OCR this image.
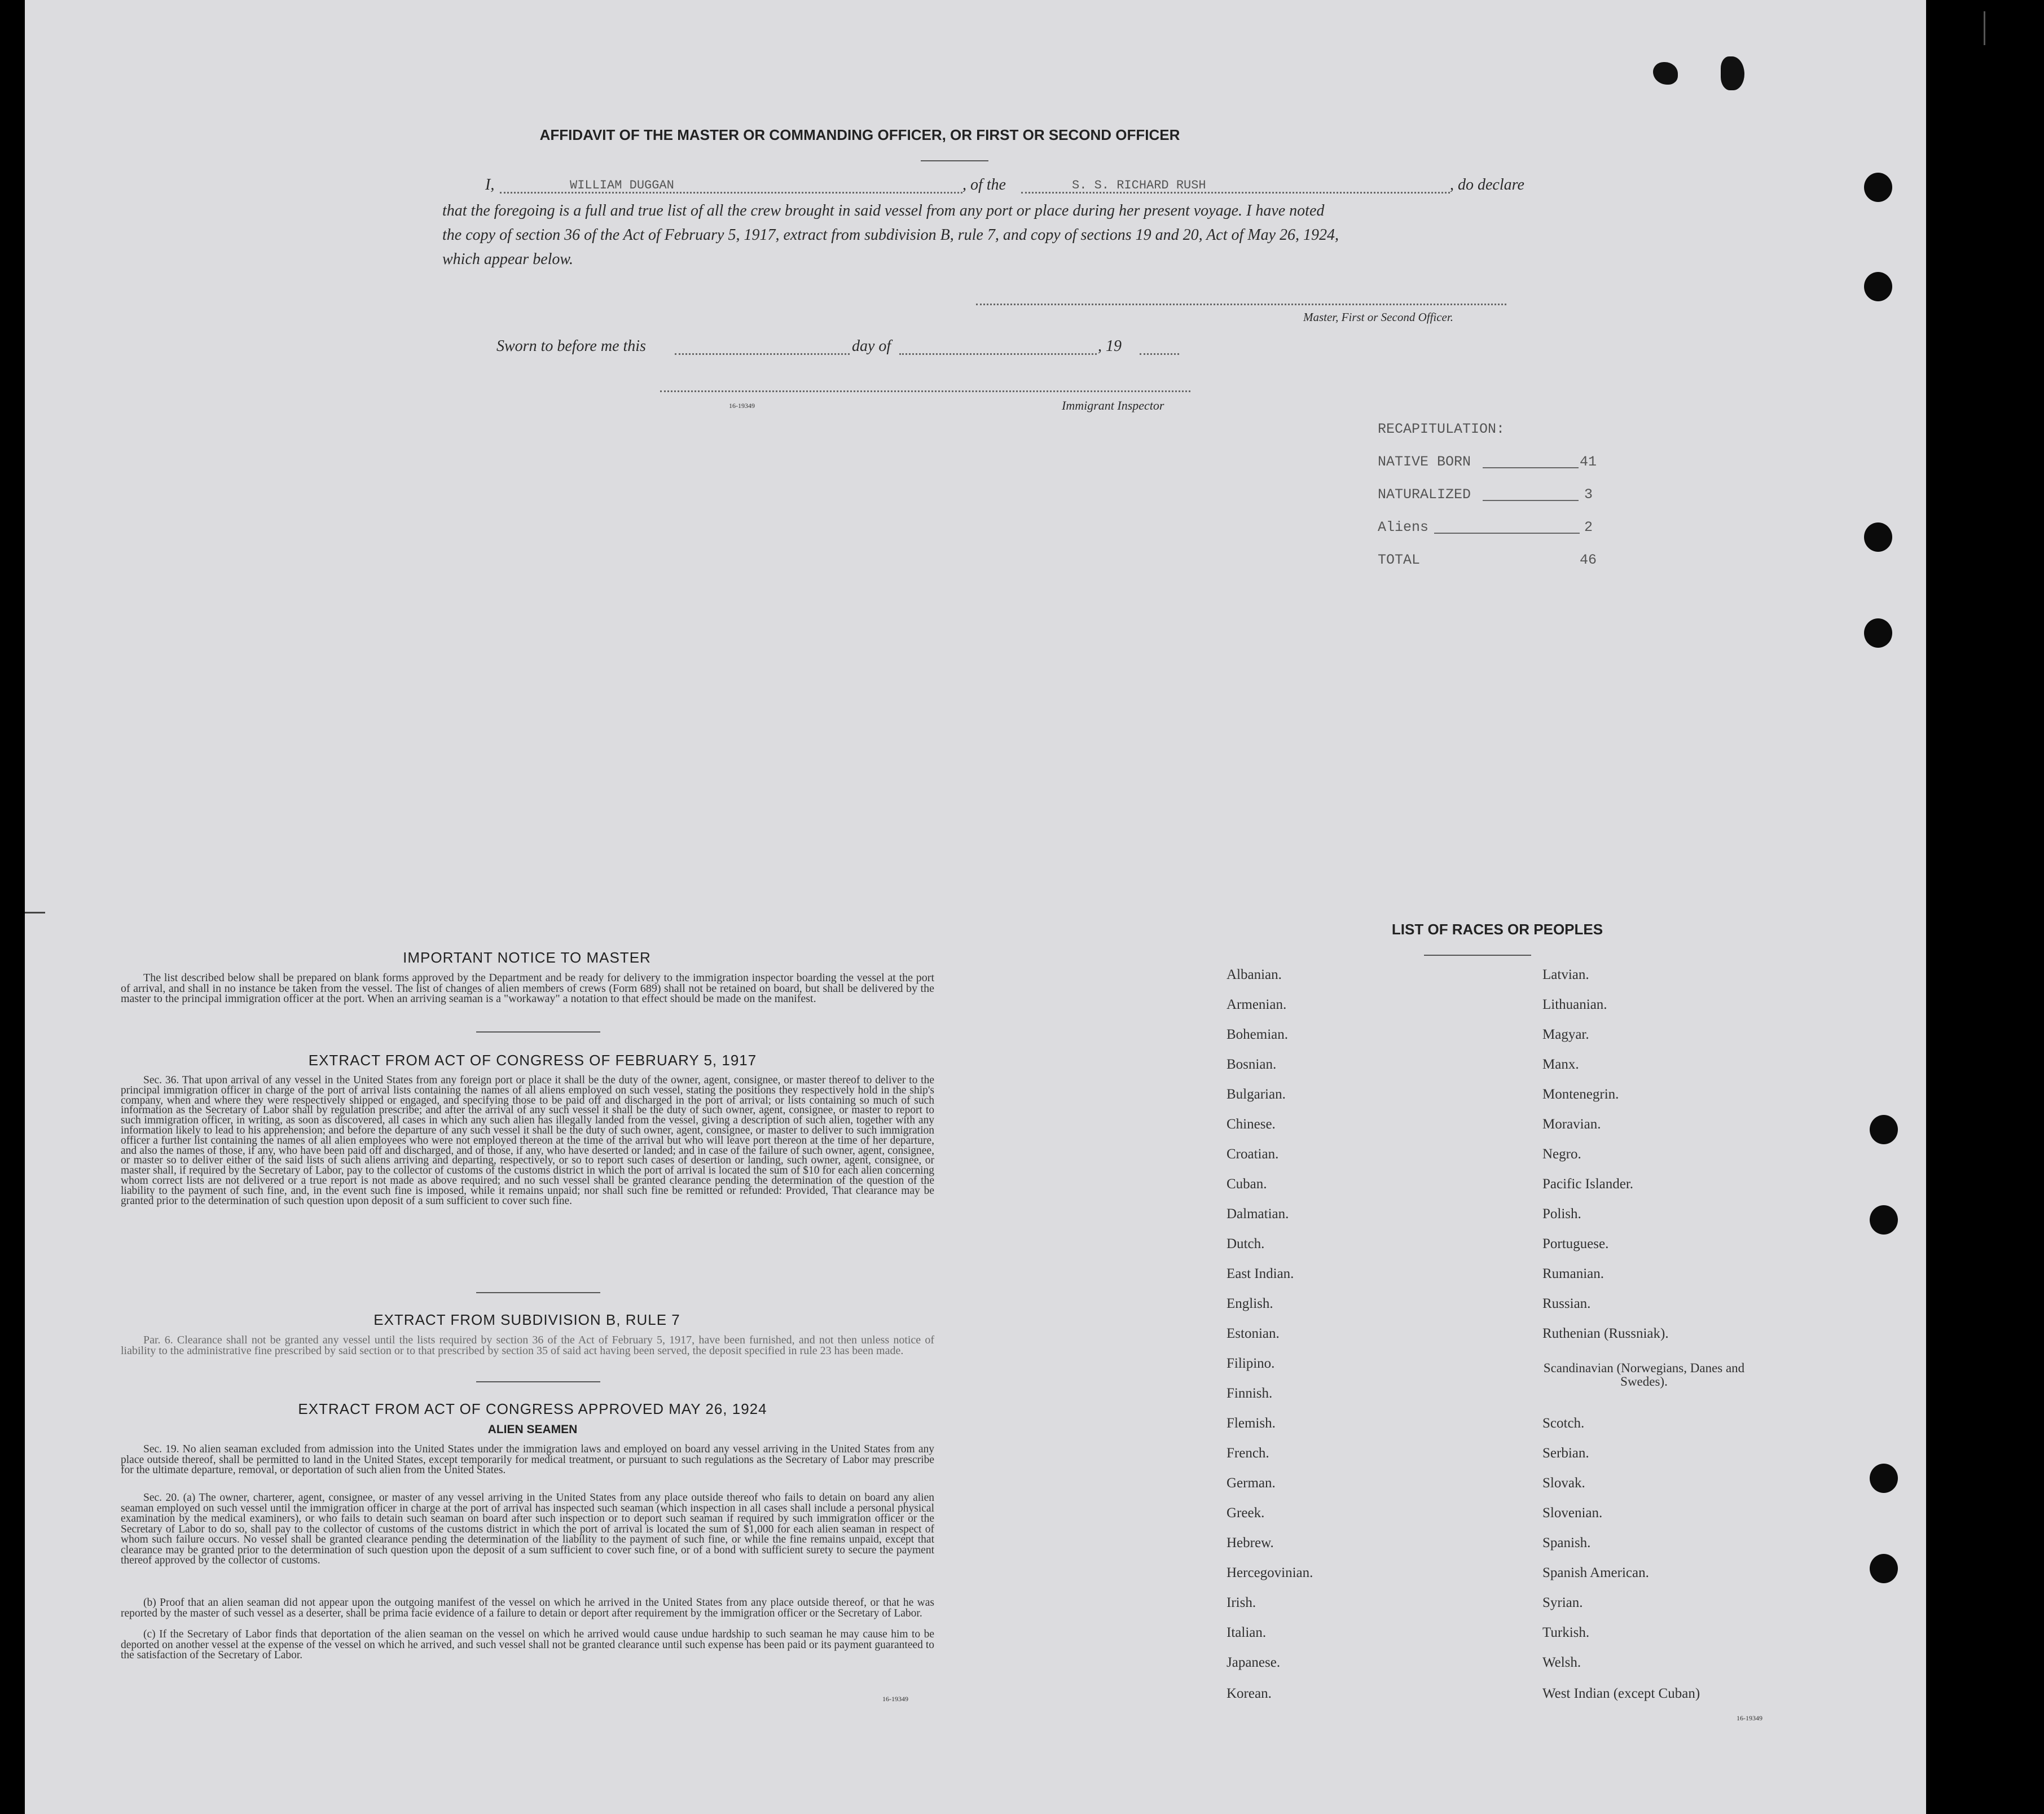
AFFIDAVIT OF THE MASTER OR COMMANDING OFFICER, OR FIRST OR SECOND OFFICER
I,	WILLIAM DUGGAN	, of the	S. S. RICHARD RUSH	, do declare
that the foregoing is a full and true list of all the crew brought in said vessel from any port or place during her present voyage. I have noted
the copy of section 36 of the Act of February 5, 1917, extract from subdivision B, rule 7, and copy of sections 19 and 20, Act of May 26, 1924,
which appear below.
Master, First or Second Officer.
Sworn to before me this	day of	, 19
16-19349	Immigrant Inspector
RECAPITULATION:
NATIVE BORN	41
NATURALIZED	3
Aliens	2
TOTAL	46
IMPORTANT NOTICE TO MASTER
The list described below shall be prepared on blank forms approved by the Department and be ready for delivery to the immigration inspector boarding the vessel at the port of arrival, and shall in no instance be taken from the vessel. The list of changes of alien members of crews (Form 689) shall not be retained on board, but shall be delivered by the master to the principal immigration officer at the port. When an arriving seaman is a "workaway" a notation to that effect should be made on the manifest.
EXTRACT FROM ACT OF CONGRESS OF FEBRUARY 5, 1917
Sec. 36. That upon arrival of any vessel in the United States from any foreign port or place it shall be the duty of the owner, agent, consignee, or master thereof to deliver to the principal immigration officer in charge of the port of arrival lists containing the names of all aliens employed on such vessel, stating the positions they respectively hold in the ship's company, when and where they were respectively shipped or engaged, and specifying those to be paid off and discharged in the port of arrival; or lists containing so much of such information as the Secretary of Labor shall by regulation prescribe; and after the arrival of any such vessel it shall be the duty of such owner, agent, consignee, or master to report to such immigration officer, in writing, as soon as discovered, all cases in which any such alien has illegally landed from the vessel, giving a description of such alien, together with any information likely to lead to his apprehension; and before the departure of any such vessel it shall be the duty of such owner, agent, consignee, or master to deliver to such immigration officer a further list containing the names of all alien employees who were not employed thereon at the time of the arrival but who will leave port thereon at the time of her departure, and also the names of those, if any, who have been paid off and discharged, and of those, if any, who have deserted or landed; and in case of the failure of such owner, agent, consignee, or master so to deliver either of the said lists of such aliens arriving and departing, respectively, or so to report such cases of desertion or landing, such owner, agent, consignee, or master shall, if required by the Secretary of Labor, pay to the collector of customs of the customs district in which the port of arrival is located the sum of $10 for each alien concerning whom correct lists are not delivered or a true report is not made as above required; and no such vessel shall be granted clearance pending the determination of the question of the liability to the payment of such fine, and, in the event such fine is imposed, while it remains unpaid; nor shall such fine be remitted or refunded: Provided, That clearance may be granted prior to the determination of such question upon deposit of a sum sufficient to cover such fine.
EXTRACT FROM SUBDIVISION B, RULE 7
Par. 6. Clearance shall not be granted any vessel until the lists required by section 36 of the Act of February 5, 1917, have been furnished, and not then unless notice of liability to the administrative fine prescribed by said section or to that prescribed by section 35 of said act having been served, the deposit specified in rule 23 has been made.
EXTRACT FROM ACT OF CONGRESS APPROVED MAY 26, 1924
ALIEN SEAMEN
Sec. 19. No alien seaman excluded from admission into the United States under the immigration laws and employed on board any vessel arriving in the United States from any place outside thereof, shall be permitted to land in the United States, except temporarily for medical treatment, or pursuant to such regulations as the Secretary of Labor may prescribe for the ultimate departure, removal, or deportation of such alien from the United States.
Sec. 20. (a) The owner, charterer, agent, consignee, or master of any vessel arriving in the United States from any place outside thereof who fails to detain on board any alien seaman employed on such vessel until the immigration officer in charge at the port of arrival has inspected such seaman (which inspection in all cases shall include a personal physical examination by the medical examiners), or who fails to detain such seaman on board after such inspection or to deport such seaman if required by such immigration officer or the Secretary of Labor to do so, shall pay to the collector of customs of the customs district in which the port of arrival is located the sum of $1,000 for each alien seaman in respect of whom such failure occurs. No vessel shall be granted clearance pending the determination of the liability to the payment of such fine, or while the fine remains unpaid, except that clearance may be granted prior to the determination of such question upon the deposit of a sum sufficient to cover such fine, or of a bond with sufficient surety to secure the payment thereof approved by the collector of customs.
(b) Proof that an alien seaman did not appear upon the outgoing manifest of the vessel on which he arrived in the United States from any place outside thereof, or that he was reported by the master of such vessel as a deserter, shall be prima facie evidence of a failure to detain or deport after requirement by the immigration officer or the Secretary of Labor.
(c) If the Secretary of Labor finds that deportation of the alien seaman on the vessel on which he arrived would cause undue hardship to such seaman he may cause him to be deported on another vessel at the expense of the vessel on which he arrived, and such vessel shall not be granted clearance until such expense has been paid or its payment guaranteed to the satisfaction of the Secretary of Labor.
16-19349
LIST OF RACES OR PEOPLES
Albanian.
Armenian.
Bohemian.
Bosnian.
Bulgarian.
Chinese.
Croatian.
Cuban.
Dalmatian.
Dutch.
East Indian.
English.
Estonian.
Filipino.
Finnish.
Flemish.
French.
German.
Greek.
Hebrew.
Hercegovinian.
Irish.
Italian.
Japanese.
Korean.
Latvian.
Lithuanian.
Magyar.
Manx.
Montenegrin.
Moravian.
Negro.
Pacific Islander.
Polish.
Portuguese.
Rumanian.
Russian.
Ruthenian (Russniak).
Scandinavian (Norwegians, Danes and Swedes).
Scotch.
Serbian.
Slovak.
Slovenian.
Spanish.
Spanish American.
Syrian.
Turkish.
Welsh.
West Indian (except Cuban)
16-19349
